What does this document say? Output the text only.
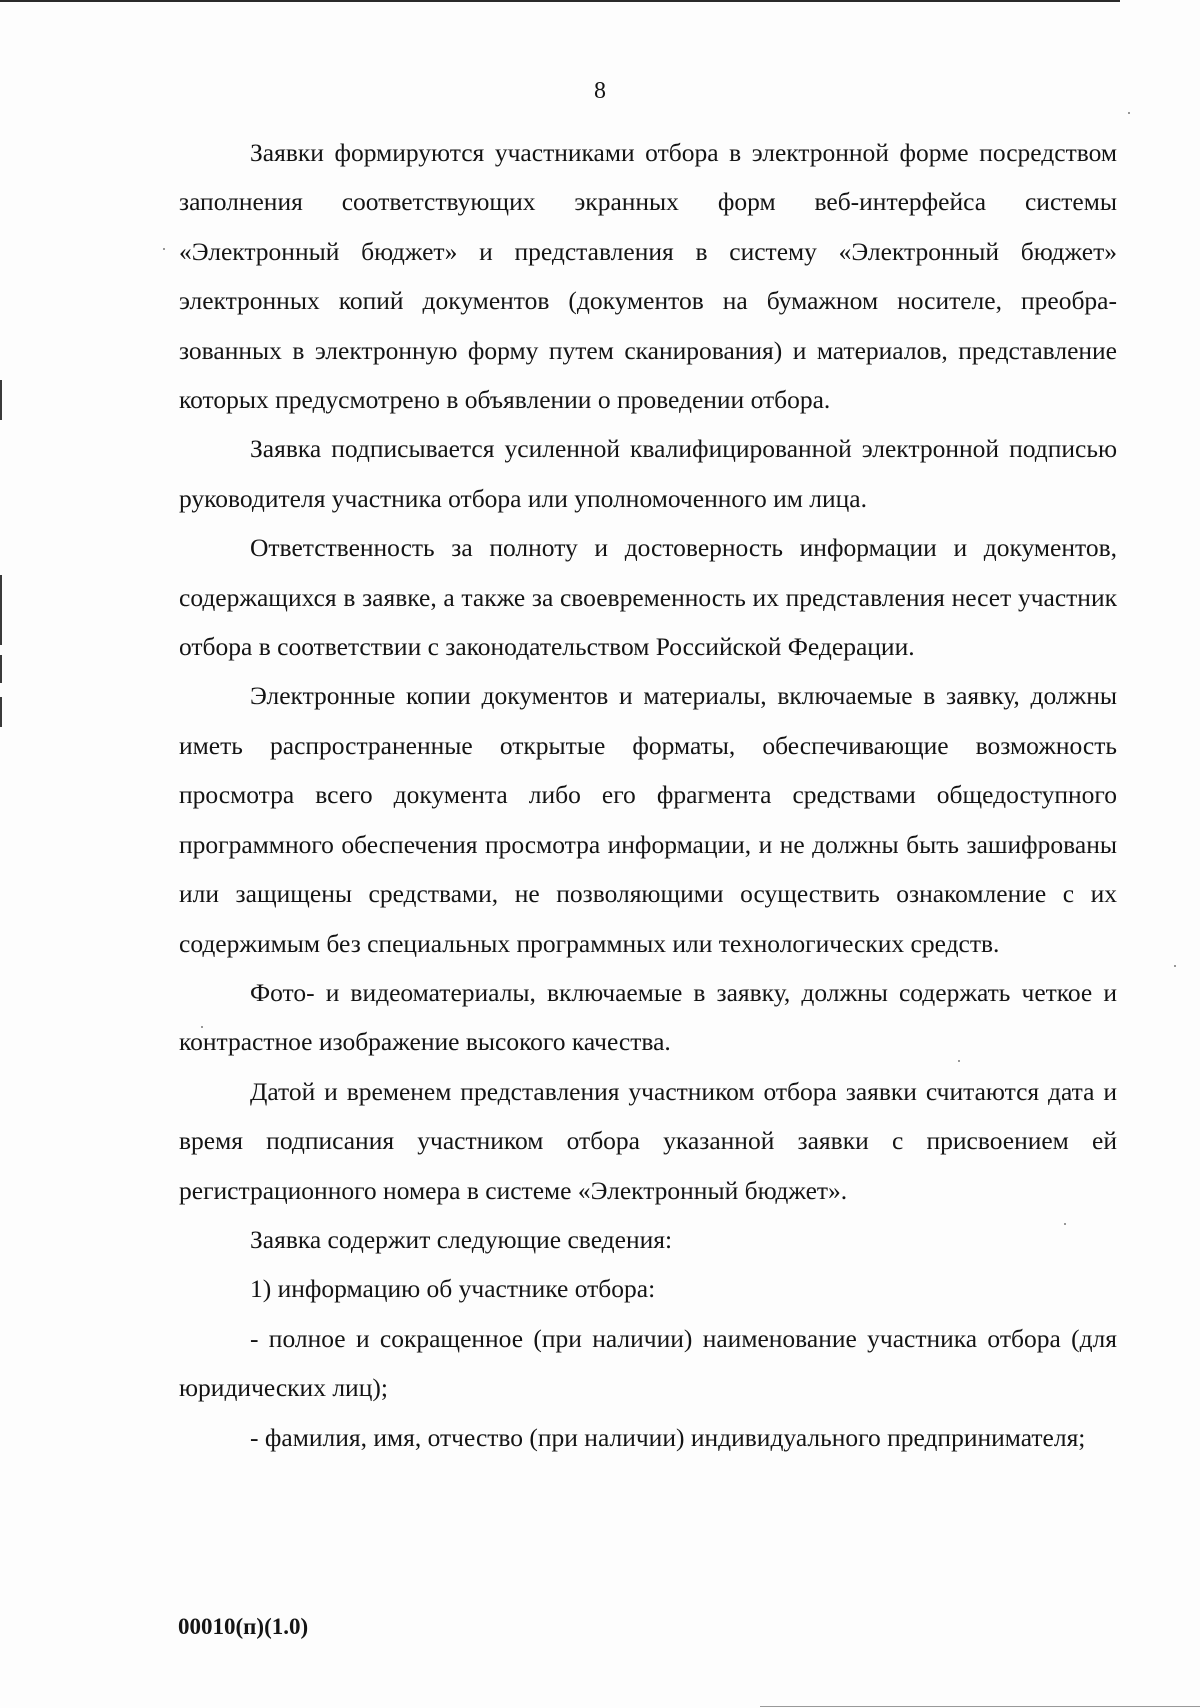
8

Заявки формируются участниками отбора в электронной форме посредством заполнения соответствующих экранных форм веб-интерфейса системы «Электронный бюджет» и представления в систему «Электронный бюджет» электронных копий документов (документов на бумажном носителе, преобразованных в электронную форму путем сканирования) и материалов, представление которых предусмотрено в объявлении о проведении отбора.

Заявка подписывается усиленной квалифицированной электронной подписью руководителя участника отбора или уполномоченного им лица.

Ответственность за полноту и достоверность информации и документов, содержащихся в заявке, а также за своевременность их представления несет участник отбора в соответствии с законодательством Российской Федерации.

Электронные копии документов и материалы, включаемые в заявку, должны иметь распространенные открытые форматы, обеспечивающие возможность просмотра всего документа либо его фрагмента средствами общедоступного программного обеспечения просмотра информации, и не должны быть зашифрованы или защищены средствами, не позволяющими осуществить ознакомление с их содержимым без специальных программных или технологических средств.

Фото- и видеоматериалы, включаемые в заявку, должны содержать четкое и контрастное изображение высокого качества.

Датой и временем представления участником отбора заявки считаются дата и время подписания участником отбора указанной заявки с присвоением ей регистрационного номера в системе «Электронный бюджет».

Заявка содержит следующие сведения:

1) информацию об участнике отбора:

- полное и сокращенное (при наличии) наименование участника отбора (для юридических лиц);

- фамилия, имя, отчество (при наличии) индивидуального предпринимателя;

00010(п)(1.0)
